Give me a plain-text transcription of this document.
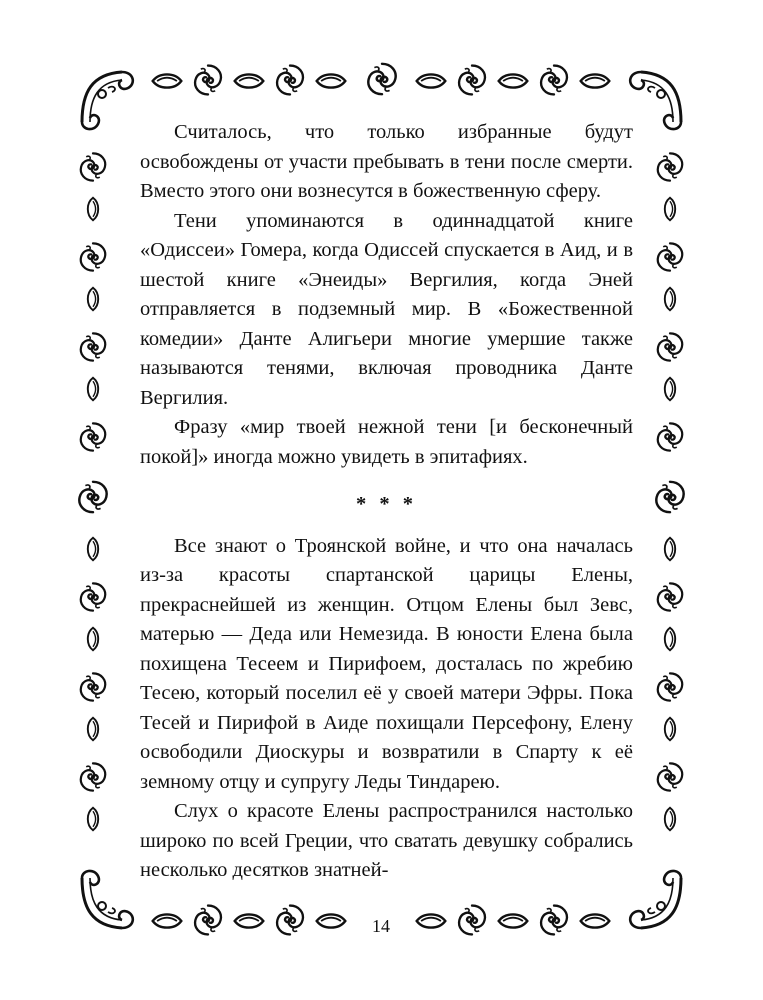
Считалось, что только избранные будут освобождены от участи пребывать в тени после смерти. Вместо этого они вознесутся в божественную сферу.

Тени упоминаются в одиннадцатой книге «Одиссеи» Гомера, когда Одиссей спускается в Аид, и в шестой книге «Энеиды» Вергилия, когда Эней отправляется в подземный мир. В «Божественной комедии» Данте Алигьери многие умершие также называются тенями, включая проводника Данте Вергилия.

Фразу «мир твоей нежной тени [и бесконечный покой]» иногда можно увидеть в эпитафиях.

* * *

Все знают о Троянской войне, и что она началась из-за красоты спартанской царицы Елены, прекраснейшей из женщин. Отцом Елены был Зевс, матерью — Деда или Немезида. В юности Елена была похищена Тесеем и Пирифоем, досталась по жребию Тесею, который поселил её у своей матери Эфры. Пока Тесей и Пирифой в Аиде похищали Персефону, Елену освободили Диоскуры и возвратили в Спарту к её земному отцу и супругу Леды Тиндарею.

Слух о красоте Елены распространился настолько широко по всей Греции, что сватать девушку собрались несколько десятков знатней-

14
